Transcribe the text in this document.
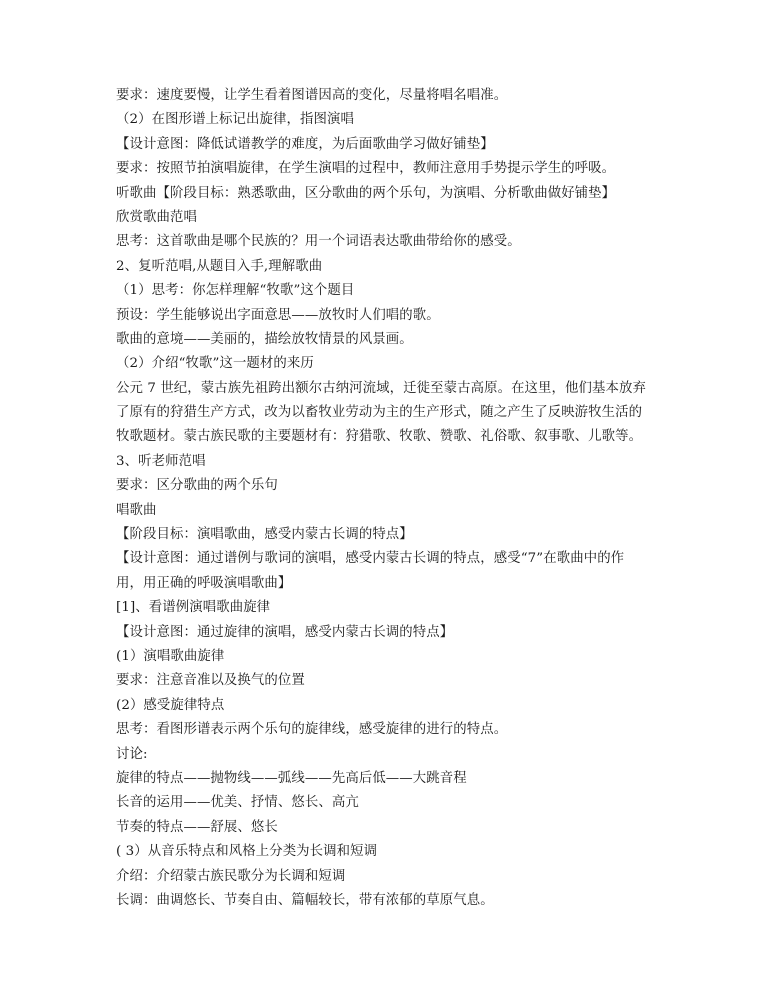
要求：速度要慢，让学生看着图谱因高的变化，尽量将唱名唱准。
（2）在图形谱上标记出旋律，指图演唱
【设计意图：降低试谱教学的难度，为后面歌曲学习做好铺垫】
要求：按照节拍演唱旋律，在学生演唱的过程中，教师注意用手势提示学生的呼吸。
听歌曲【阶段目标：熟悉歌曲，区分歌曲的两个乐句，为演唱、分析歌曲做好铺垫】
欣赏歌曲范唱
思考：这首歌曲是哪个民族的？用一个词语表达歌曲带给你的感受。
2、复听范唱,从题目入手,理解歌曲
（1）思考：你怎样理解“牧歌”这个题目
预设：学生能够说出字面意思——放牧时人们唱的歌。
歌曲的意境——美丽的，描绘放牧情景的风景画。
（2）介绍“牧歌”这一题材的来历
公元 7 世纪，蒙古族先祖跨出额尔古纳河流域，迁徙至蒙古高原。在这里，他们基本放弃
了原有的狩猎生产方式，改为以畜牧业劳动为主的生产形式，随之产生了反映游牧生活的
牧歌题材。蒙古族民歌的主要题材有：狩猎歌、牧歌、赞歌、礼俗歌、叙事歌、儿歌等。
3、听老师范唱
要求：区分歌曲的两个乐句
唱歌曲
【阶段目标：演唱歌曲，感受内蒙古长调的特点】
【设计意图：通过谱例与歌词的演唱，感受内蒙古长调的特点，感受“7”在歌曲中的作
用，用正确的呼吸演唱歌曲】
[1]、看谱例演唱歌曲旋律
【设计意图：通过旋律的演唱，感受内蒙古长调的特点】
(1）演唱歌曲旋律
要求：注意音准以及换气的位置
(2）感受旋律特点
思考：看图形谱表示两个乐句的旋律线，感受旋律的进行的特点。
讨论:
旋律的特点——抛物线——弧线——先高后低——大跳音程
长音的运用——优美、抒情、悠长、高亢
节奏的特点——舒展、悠长
( 3）从音乐特点和风格上分类为长调和短调
介绍：介绍蒙古族民歌分为长调和短调
长调：曲调悠长、节奏自由、篇幅较长，带有浓郁的草原气息。
